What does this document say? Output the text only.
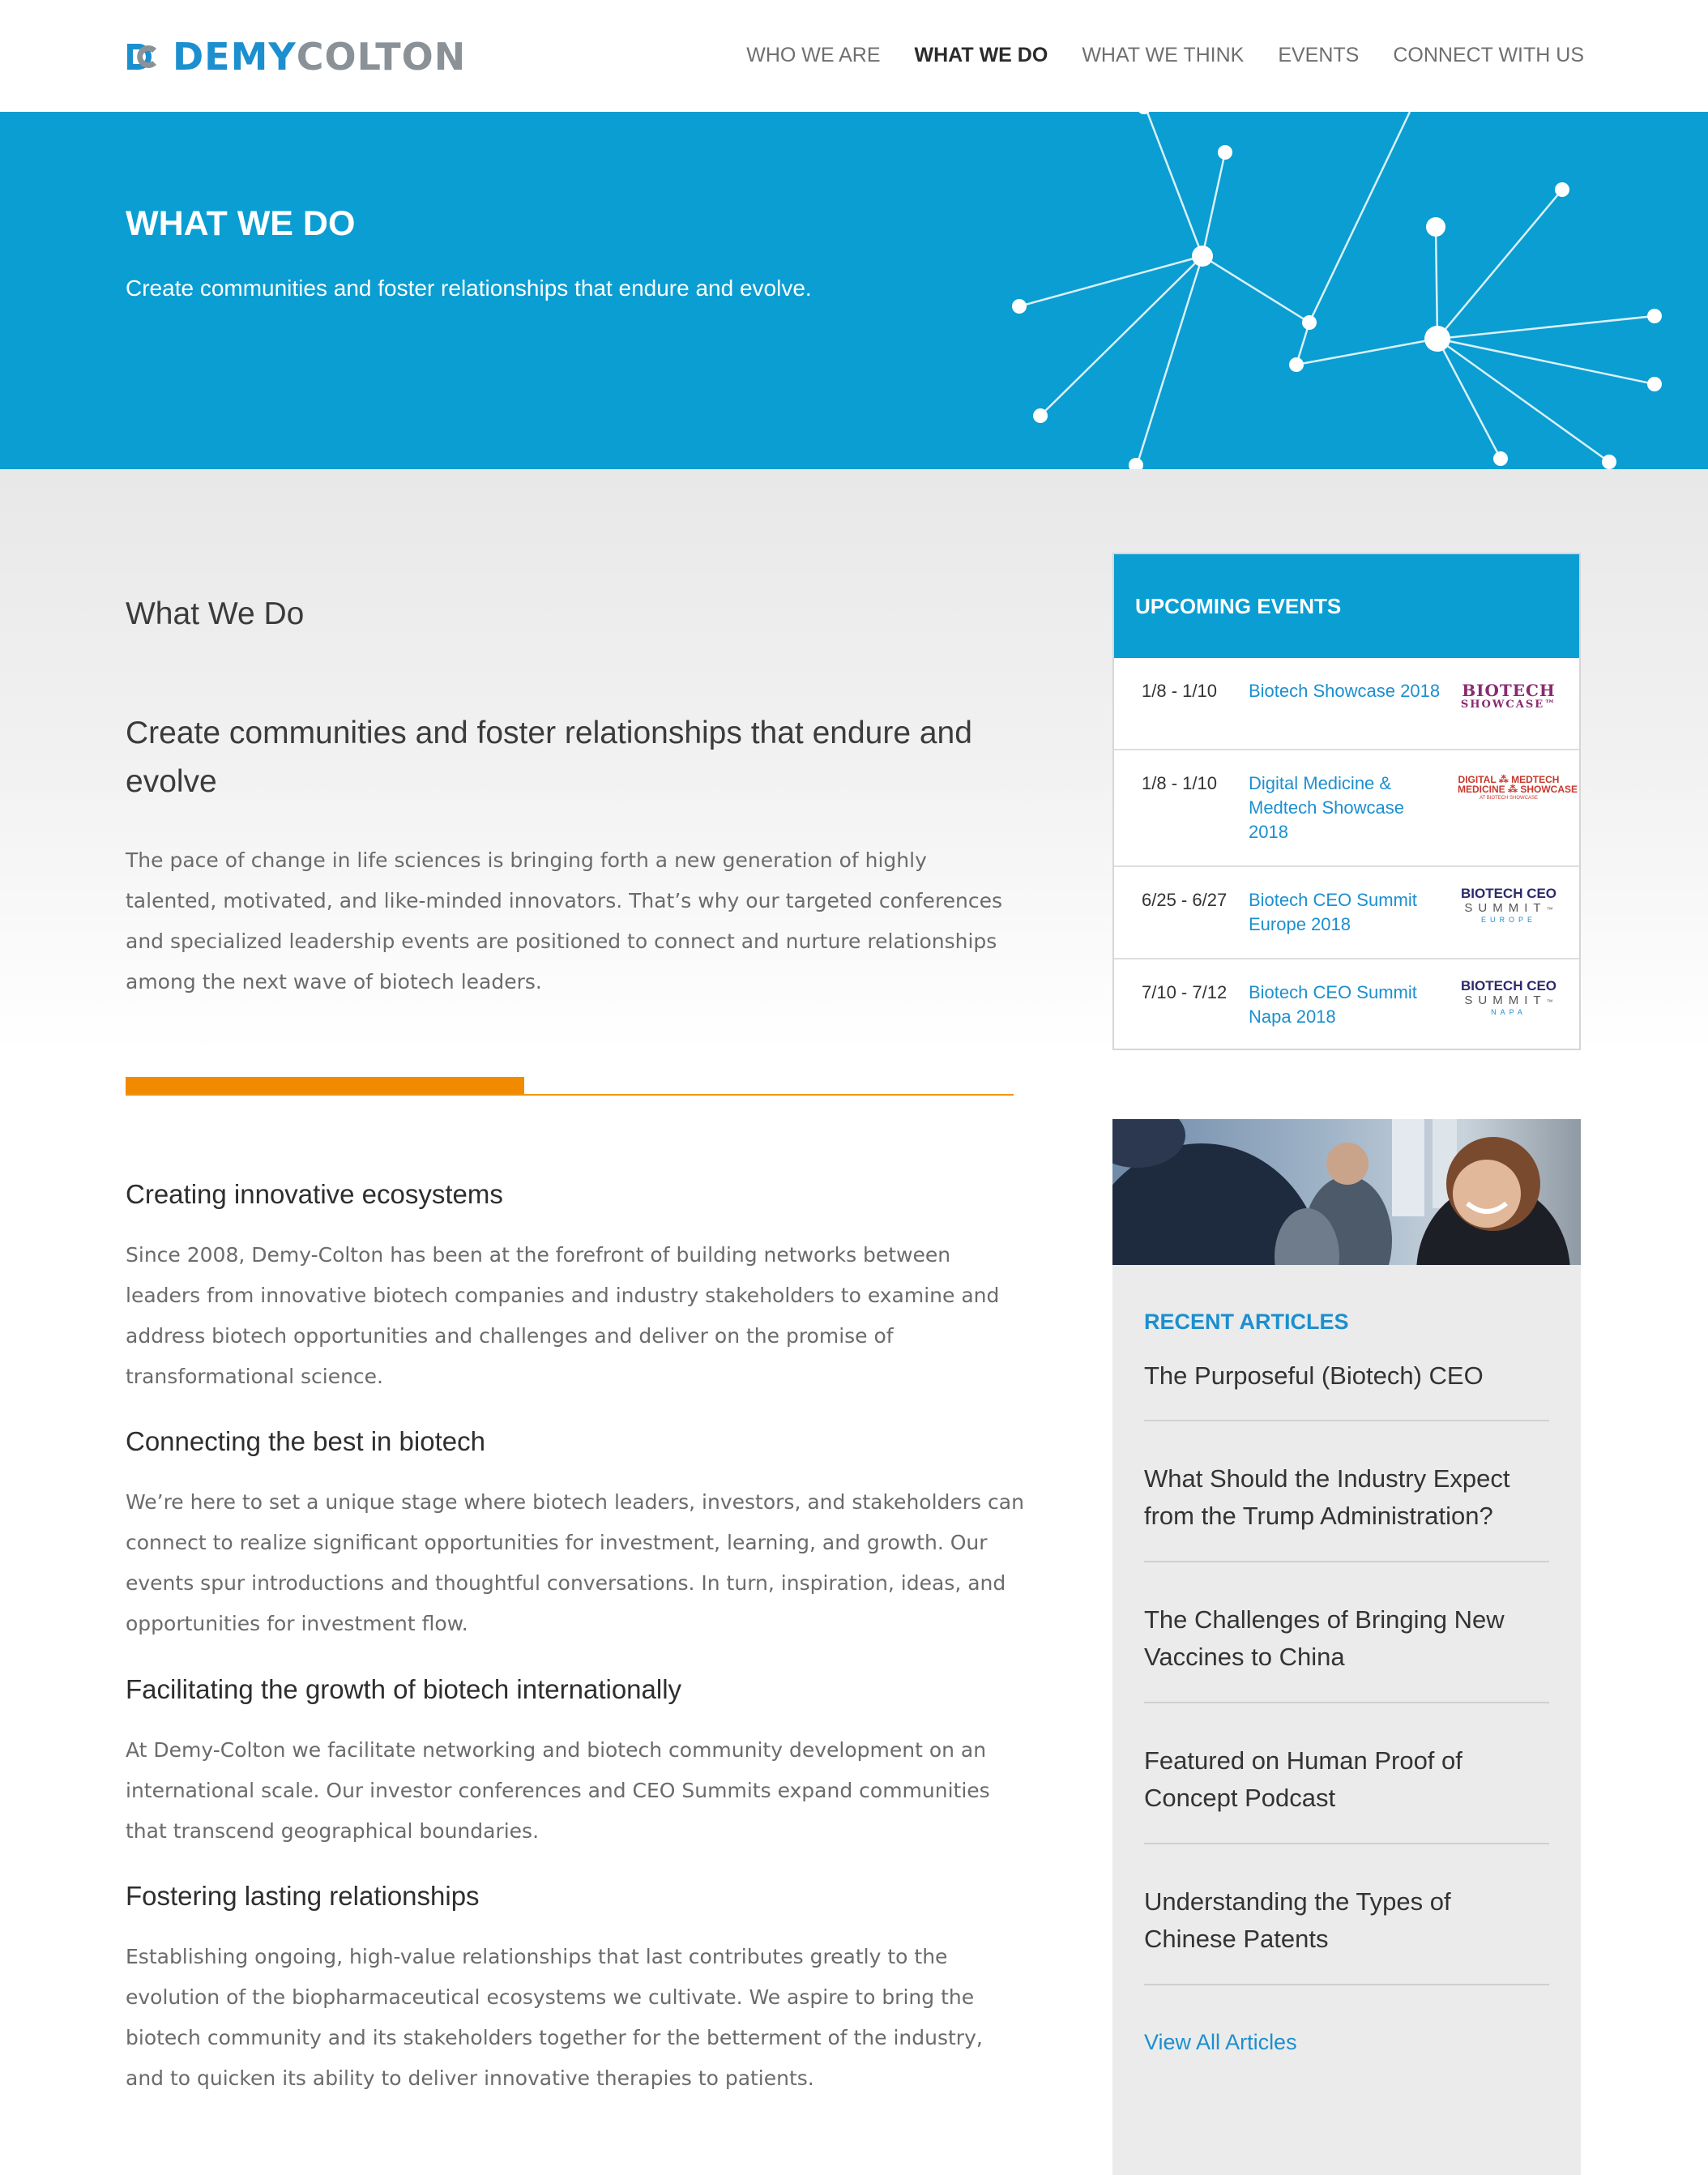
DEMY COLTON	WHO WE ARE WHAT WE DO WHAT WE THINK EVENTS CONNECT WITH US
WHAT WE DO

Create communities and foster relationships that endure and evolve.

What We Do
Create communities and foster relationships that endure and evolve

The pace of change in life sciences is bringing forth a new generation of highly talented, motivated, and like-minded innovators. That’s why our targeted conferences and specialized leadership events are positioned to connect and nurture relationships among the next wave of biotech leaders.

Creating innovative ecosystems

Since 2008, Demy-Colton has been at the forefront of building networks between leaders from innovative biotech companies and industry stakeholders to examine and address biotech opportunities and challenges and deliver on the promise of transformational science.

Connecting the best in biotech

We’re here to set a unique stage where biotech leaders, investors, and stakeholders can connect to realize significant opportunities for investment, learning, and growth. Our events spur introductions and thoughtful conversations. In turn, inspiration, ideas, and opportunities for investment flow.

Facilitating the growth of biotech internationally

At Demy-Colton we facilitate networking and biotech community development on an international scale. Our investor conferences and CEO Summits expand communities that transcend geographical boundaries.

Fostering lasting relationships

Establishing ongoing, high-value relationships that last contributes greatly to the evolution of the biopharmaceutical ecosystems we cultivate. We aspire to bring the biotech community and its stakeholders together for the betterment of the industry, and to quicken its ability to deliver innovative therapies to patients.

UPCOMING EVENTS
1/8 - 1/10	Biotech Showcase 2018 BIOTECH
SHOWCASE™
1/8 - 1/10	Digital Medicine & Medtech Showcase 2018
DIGITAL ⁂ MEDTECH
MEDICINE ⁂ SHOWCASE
AT BIOTECH SHOWCASE
6/25 - 6/27	Biotech CEO Summit Europe 2018
BIOTECH CEO
SUMMIT™
EUROPE
7/10 - 7/12	Biotech CEO Summit Napa 2018
BIOTECH CEO
SUMMIT™
NAPA
RECENT ARTICLES
The Purposeful (Biotech) CEO
What Should the Industry Expect from the Trump Administration?
The Challenges of Bringing New Vaccines to China
Featured on Human Proof of Concept Podcast
Understanding the Types of Chinese Patents
View All Articles
